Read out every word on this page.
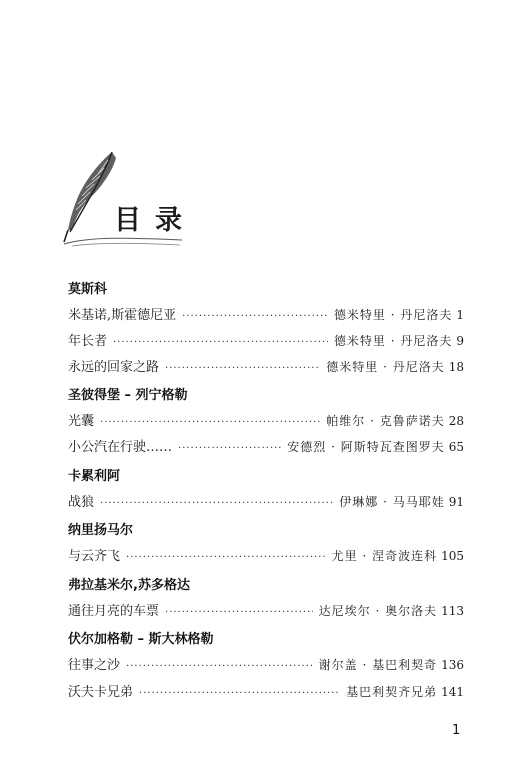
目录
莫斯科
米基诺,斯霍德尼亚 ·····	德米特里 · 丹尼洛夫 1
年长者 ·····	德米特里 · 丹尼洛夫 9
永远的回家之路 ·····	德米特里 · 丹尼洛夫 18
圣彼得堡 – 列宁格勒
光囊 ·····	帕维尔 · 克鲁萨诺夫 28
小公汽在行驶…… ·····	安德烈 · 阿斯特瓦查图罗夫 65
卡累利阿
战狼 ·····	伊琳娜 · 马马耶娃 91
纳里扬马尔
与云齐飞 ·····	尤里 · 涅奇波连科 105
弗拉基米尔,苏多格达
通往月亮的车票 ·····	达尼埃尔 · 奥尔洛夫 113
伏尔加格勒 – 斯大林格勒
往事之沙 ·····	谢尔盖 · 基巴利契奇 136
沃夫卡兄弟 ·····	基巴利契齐兄弟 141
1
